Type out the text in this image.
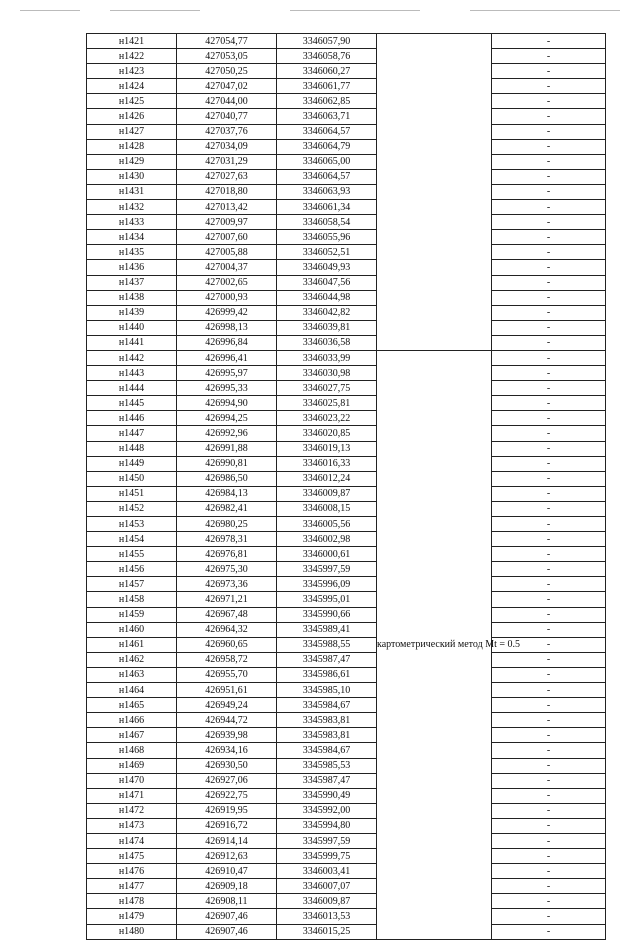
н1421	427054,77	3346057,90		-
н1422	427053,05	3346058,76		-
н1423	427050,25	3346060,27		-
н1424	427047,02	3346061,77		-
н1425	427044,00	3346062,85		-
н1426	427040,77	3346063,71		-
н1427	427037,76	3346064,57		-
н1428	427034,09	3346064,79		-
н1429	427031,29	3346065,00		-
н1430	427027,63	3346064,57		-
н1431	427018,80	3346063,93		-
н1432	427013,42	3346061,34		-
н1433	427009,97	3346058,54		-
н1434	427007,60	3346055,96		-
н1435	427005,88	3346052,51		-
н1436	427004,37	3346049,93		-
н1437	427002,65	3346047,56		-
н1438	427000,93	3346044,98		-
н1439	426999,42	3346042,82		-
н1440	426998,13	3346039,81		-
н1441	426996,84	3346036,58		-
н1442	426996,41	3346033,99	картометрический метод Mt = 0.5	-
н1443	426995,97	3346030,98		-
н1444	426995,33	3346027,75		-
н1445	426994,90	3346025,81		-
н1446	426994,25	3346023,22		-
н1447	426992,96	3346020,85		-
н1448	426991,88	3346019,13		-
н1449	426990,81	3346016,33		-
н1450	426986,50	3346012,24		-
н1451	426984,13	3346009,87		-
н1452	426982,41	3346008,15		-
н1453	426980,25	3346005,56		-
н1454	426978,31	3346002,98		-
н1455	426976,81	3346000,61		-
н1456	426975,30	3345997,59		-
н1457	426973,36	3345996,09		-
н1458	426971,21	3345995,01		-
н1459	426967,48	3345990,66		-
н1460	426964,32	3345989,41		-
н1461	426960,65	3345988,55		-
н1462	426958,72	3345987,47		-
н1463	426955,70	3345986,61		-
н1464	426951,61	3345985,10		-
н1465	426949,24	3345984,67		-
н1466	426944,72	3345983,81		-
н1467	426939,98	3345983,81		-
н1468	426934,16	3345984,67		-
н1469	426930,50	3345985,53		-
н1470	426927,06	3345987,47		-
н1471	426922,75	3345990,49		-
н1472	426919,95	3345992,00		-
н1473	426916,72	3345994,80		-
н1474	426914,14	3345997,59		-
н1475	426912,63	3345999,75		-
н1476	426910,47	3346003,41		-
н1477	426909,18	3346007,07		-
н1478	426908,11	3346009,87		-
н1479	426907,46	3346013,53		-
н1480	426907,46	3346015,25		-
